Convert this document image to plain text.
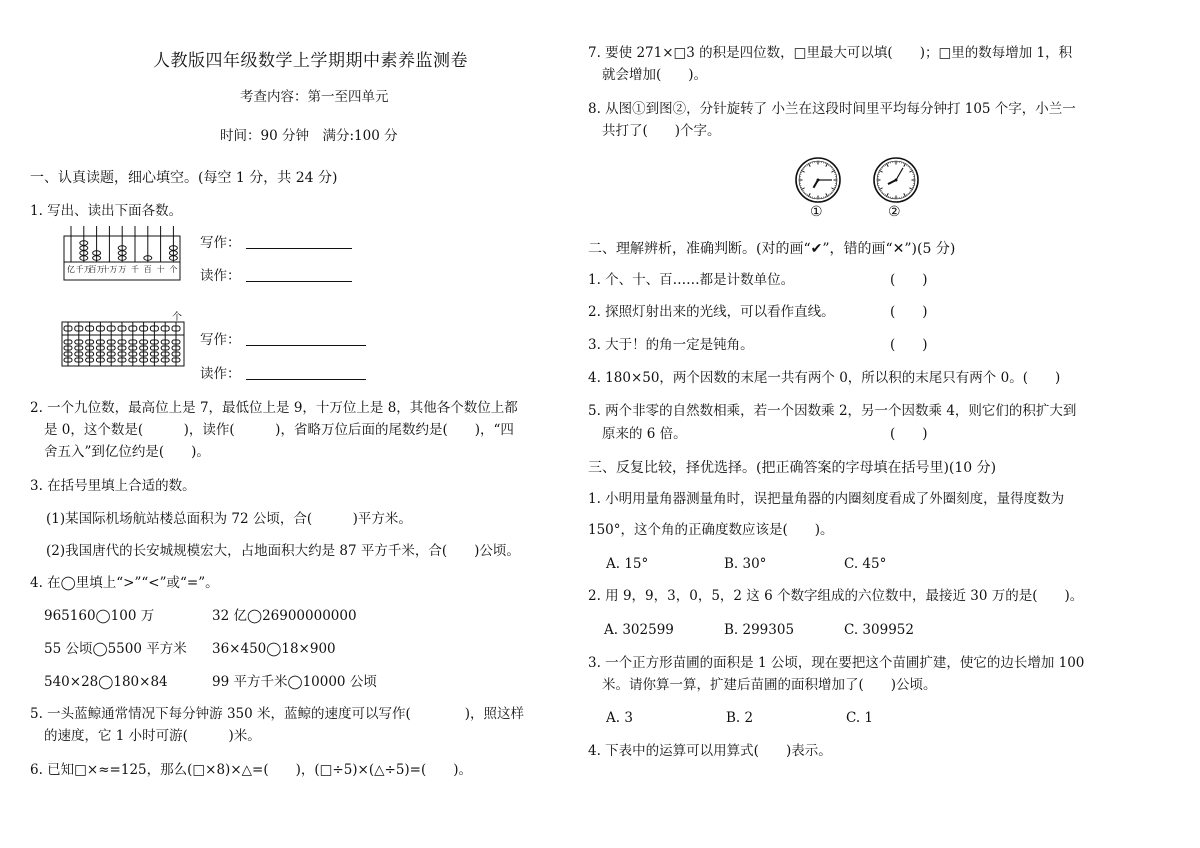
人教版四年级数学上学期期中素养监测卷
考查内容：第一至四单元
时间：90 分钟　满分:100 分
一、认真读题，细心填空。(每空 1 分，共 24 分)
1. 写出、读出下面各数。
亿 千万
百万
十万 万 千 百 十 个
写作：
读作：
个
写作：
读作：
2. 一个九位数，最高位上是 7，最低位上是 9，十万位上是 8，其他各个数位上都
是 0，这个数是(　　　)，读作(　　　)，省略万位后面的尾数约是(　　)，“四
舍五入”到亿位约是(　　)。
3. 在括号里填上合适的数。
(1)某国际机场航站楼总面积为 72 公顷，合(　　　)平方米。
(2)我国唐代的长安城规模宏大，占地面积大约是 87 平方千米，合(　　)公顷。
4. 在◯里填上“>”“<”或“=”。
965160◯100 万	32 亿◯26900000000
55 公顷◯5500 平方米 36×450◯18×900
540×28◯180×84	99 平方千米◯10000 公顷
5. 一头蓝鲸通常情况下每分钟游 350 米，蓝鲸的速度可以写作(　　　　)，照这样
的速度，它 1 小时可游(　　　)米。
6. 已知□×≈=125，那么(□×8)×△=(　　)，(□÷5)×(△÷5)=(　　)。
7. 要使 271×□3 的积是四位数，□里最大可以填(　　)；□里的数每增加 1，积
就会增加(　　)。
8. 从图①到图②，分针旋转了 小兰在这段时间里平均每分钟打 105 个字，小兰一
共打了(　　)个字。
①	②
二、理解辨析，准确判断。(对的画“✔”，错的画“✕”)(5 分)
1. 个、十、百……都是计数单位。	(　　)
2. 探照灯射出来的光线，可以看作直线。	(　　)
3. 大于！的角一定是钝角。	(　　)
4. 180×50，两个因数的末尾一共有两个 0，所以积的末尾只有两个 0。(　　)
5. 两个非零的自然数相乘，若一个因数乘 2，另一个因数乘 4，则它们的积扩大到
原来的 6 倍。	(　　)
三、反复比较，择优选择。(把正确答案的字母填在括号里)(10 分)
1. 小明用量角器测量角时，误把量角器的内圈刻度看成了外圈刻度，量得度数为
150°，这个角的正确度数应该是(　　)。
A. 15°	B. 30°	C. 45°
2. 用 9，9，3，0，5，2 这 6 个数字组成的六位数中，最接近 30 万的是(　　)。
A. 302599	B. 299305	C. 309952
3. 一个正方形苗圃的面积是 1 公顷，现在要把这个苗圃扩建，使它的边长增加 100
米。请你算一算，扩建后苗圃的面积增加了(　　)公顷。
A. 3	B. 2	C. 1
4. 下表中的运算可以用算式(　　)表示。
